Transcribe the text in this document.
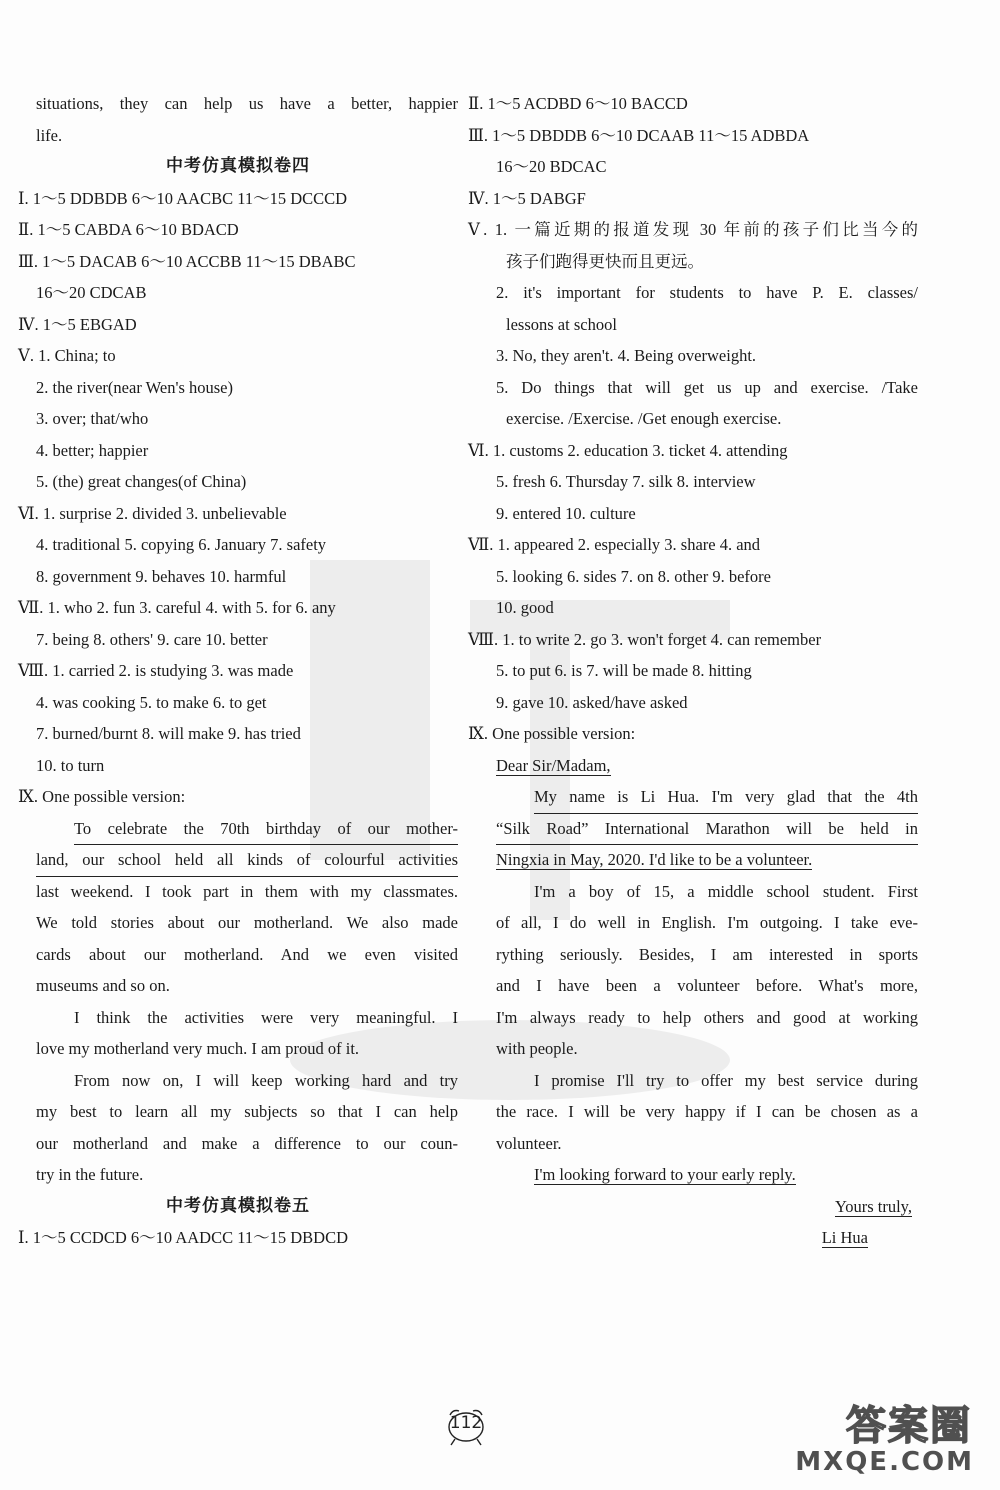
situations, they can help us have a better, happier
life.
中考仿真模拟卷四
Ⅰ. 1～5 DDBDB 6～10 AACBC 11～15 DCCCD
Ⅱ. 1～5 CABDA 6～10 BDACD
Ⅲ. 1～5 DACAB 6～10 ACCBB 11～15 DBABC
16～20 CDCAB
Ⅳ. 1～5 EBGAD
Ⅴ. 1. China; to
2. the river(near Wen's house)
3. over; that/who
4. better; happier
5. (the) great changes(of China)
Ⅵ. 1. surprise 2. divided 3. unbelievable
4. traditional 5. copying 6. January 7. safety
8. government 9. behaves 10. harmful
Ⅶ. 1. who 2. fun 3. careful 4. with 5. for 6. any
7. being 8. others' 9. care 10. better
Ⅷ. 1. carried 2. is studying 3. was made
4. was cooking 5. to make 6. to get
7. burned/burnt 8. will make 9. has tried
10. to turn
Ⅸ. One possible version:
To celebrate the 70th birthday of our mother-
land, our school held all kinds of colourful activities
last weekend. I took part in them with my classmates.
We told stories about our motherland. We also made
cards about our motherland. And we even visited
museums and so on.
I think the activities were very meaningful. I
love my motherland very much. I am proud of it.
From now on, I will keep working hard and try
my best to learn all my subjects so that I can help
our motherland and make a difference to our coun-
try in the future.
中考仿真模拟卷五
Ⅰ. 1～5 CCDCD 6～10 AADCC 11～15 DBDCD
Ⅱ. 1～5 ACDBD 6～10 BACCD
Ⅲ. 1～5 DBDDB 6～10 DCAAB 11～15 ADBDA
16～20 BDCAC
Ⅳ. 1～5 DABGF
Ⅴ. 1. 一篇近期的报道发现 30 年前的孩子们比当今的
孩子们跑得更快而且更远。
2. it's important for students to have P. E. classes/
lessons at school
3. No, they aren't. 4. Being overweight.
5. Do things that will get us up and exercise. /Take
exercise. /Exercise. /Get enough exercise.
Ⅵ. 1. customs 2. education 3. ticket 4. attending
5. fresh 6. Thursday 7. silk 8. interview
9. entered 10. culture
Ⅶ. 1. appeared 2. especially 3. share 4. and
5. looking 6. sides 7. on 8. other 9. before
10. good
Ⅷ. 1. to write 2. go 3. won't forget 4. can remember
5. to put 6. is 7. will be made 8. hitting
9. gave 10. asked/have asked
Ⅸ. One possible version:
Dear Sir/Madam,
My name is Li Hua. I'm very glad that the 4th
“Silk Road” International Marathon will be held in
Ningxia in May, 2020. I'd like to be a volunteer.
I'm a boy of 15, a middle school student. First
of all, I do well in English. I'm outgoing. I take eve-
rything seriously. Besides, I am interested in sports
and I have been a volunteer before. What's more,
I'm always ready to help others and good at working
with people.
I promise I'll try to offer my best service during
the race. I will be very happy if I can be chosen as a
volunteer.
I'm looking forward to your early reply.
Yours truly,
Li Hua
112	答案圈
MXQE.COM
